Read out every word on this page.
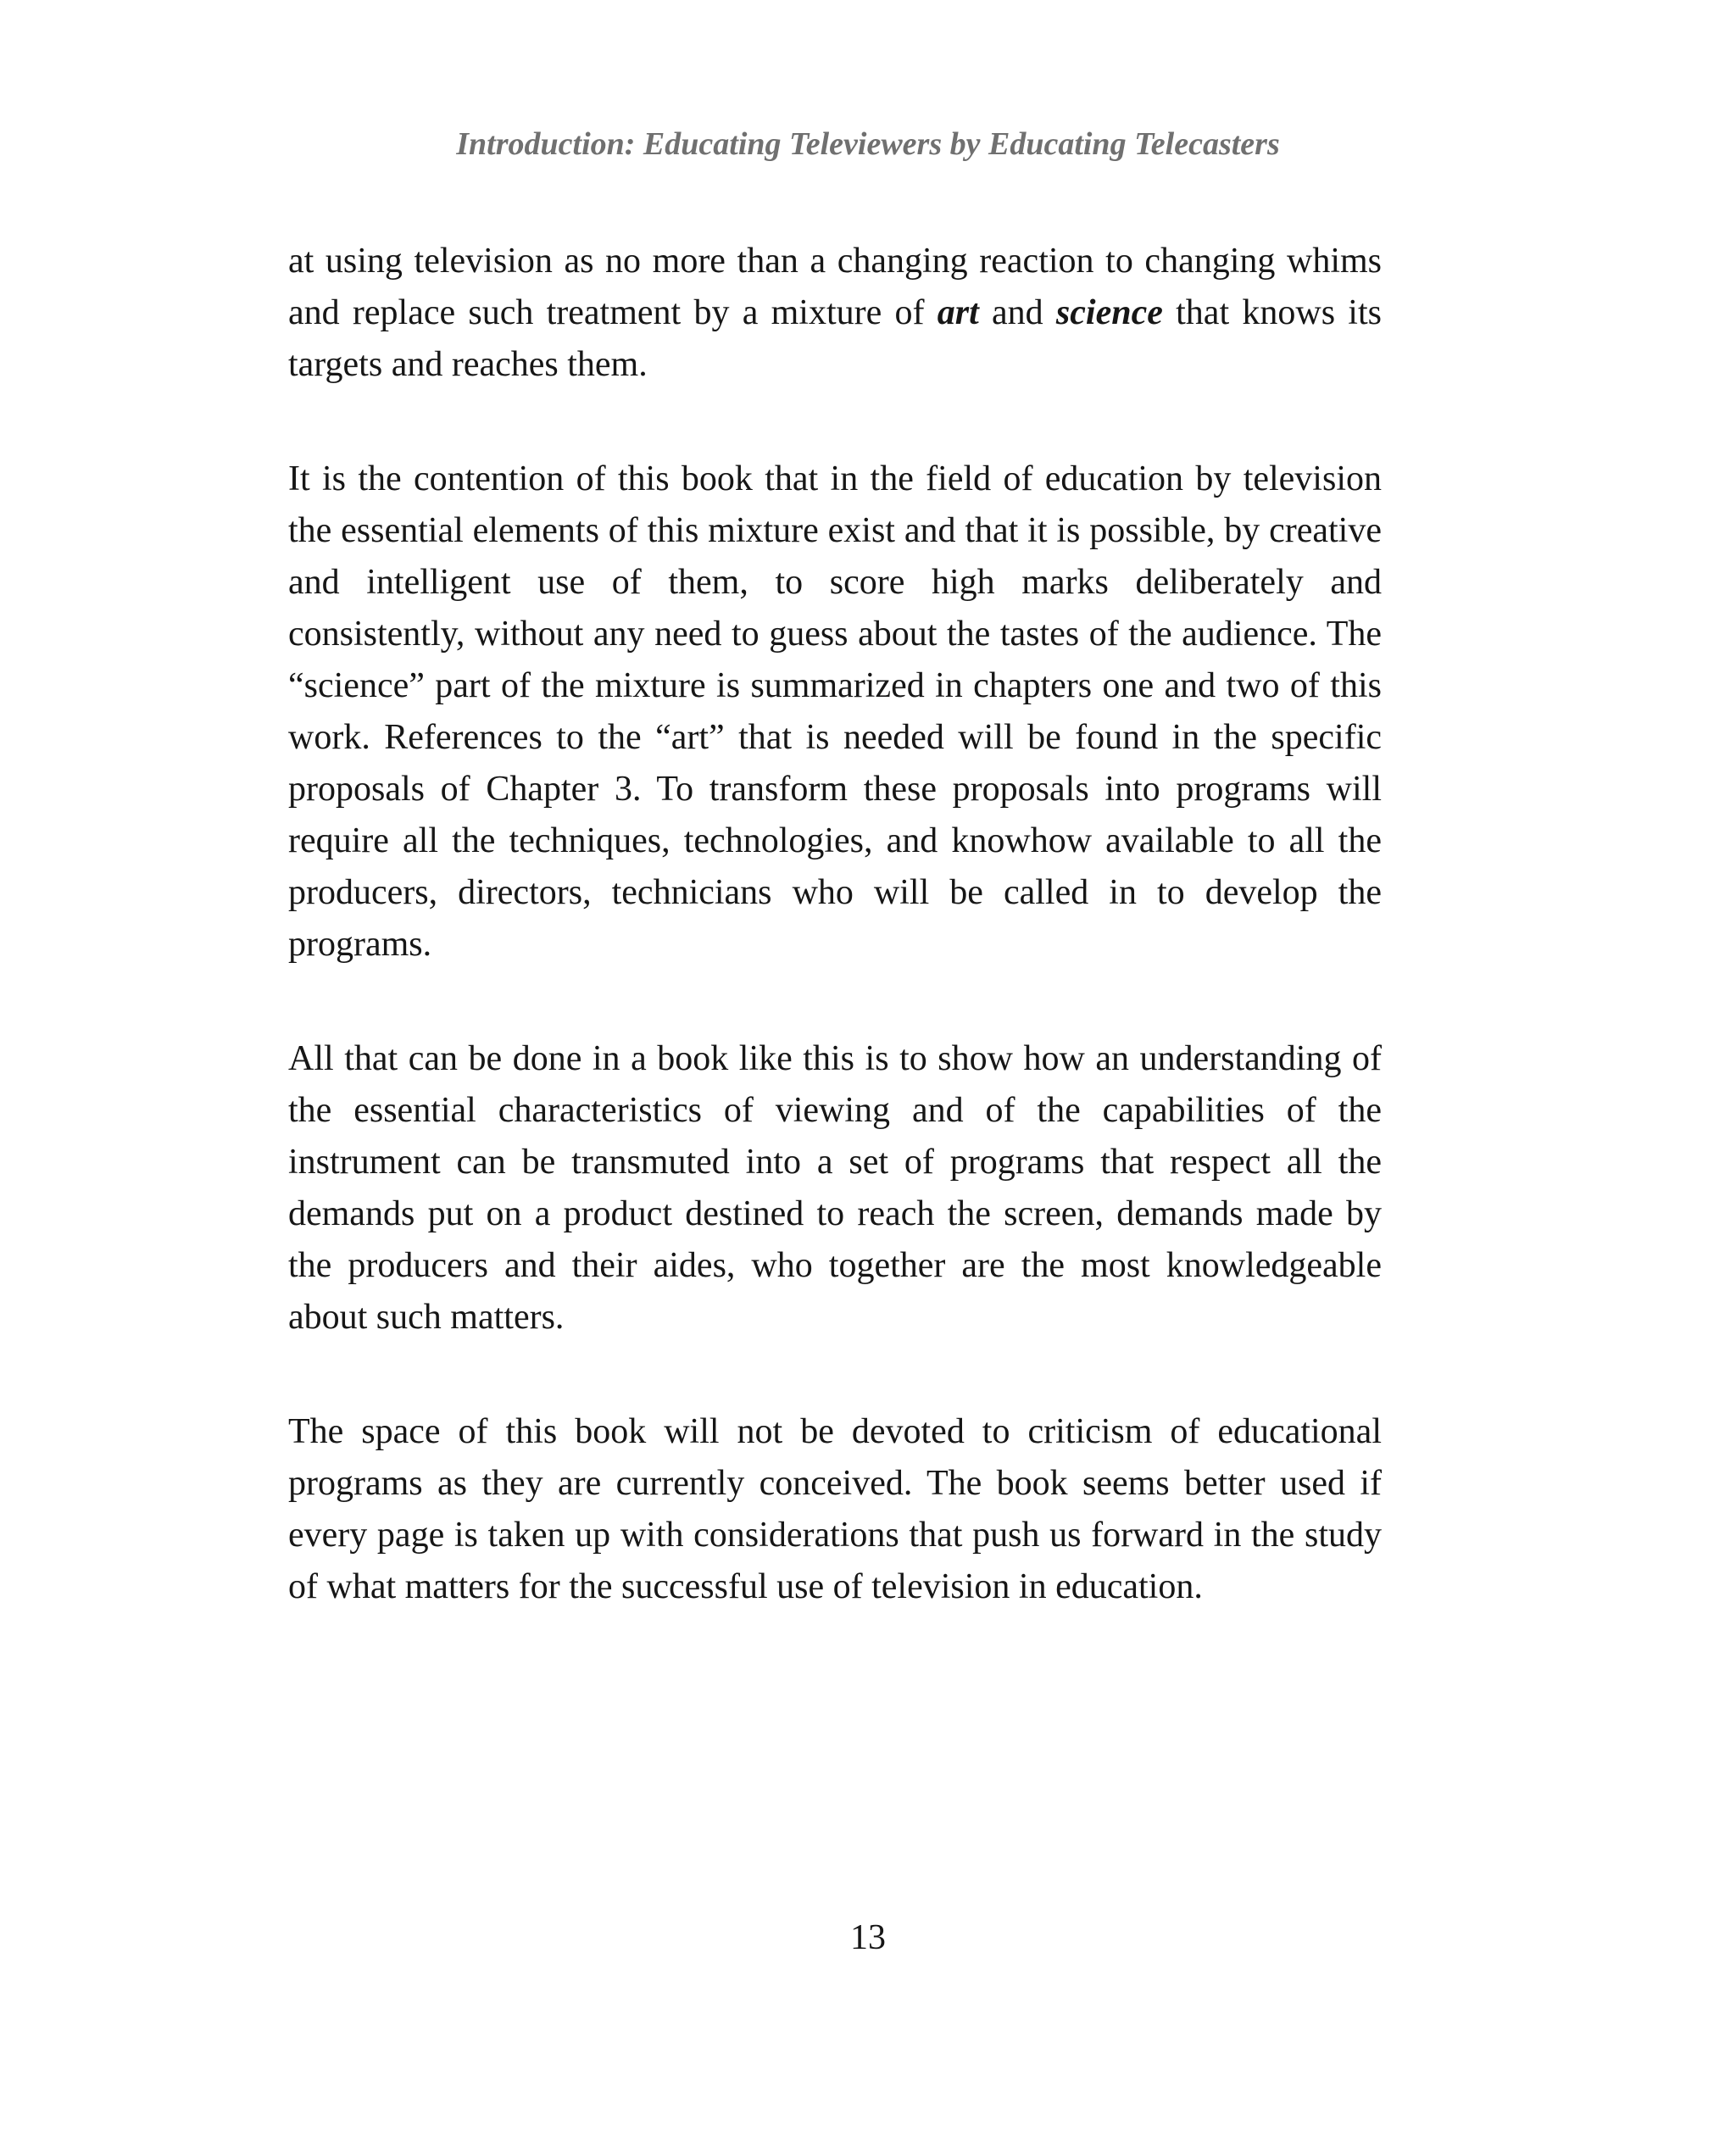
Introduction: Educating Televiewers by Educating Telecasters

at using television as no more than a changing reaction to changing whims and replace such treatment by a mixture of art and science that knows its targets and reaches them.

It is the contention of this book that in the field of education by television the essential elements of this mixture exist and that it is possible, by creative and intelligent use of them, to score high marks deliberately and consistently, without any need to guess about the tastes of the audience. The “science” part of the mixture is summarized in chapters one and two of this work. References to the “art” that is needed will be found in the specific proposals of Chapter 3. To transform these proposals into programs will require all the techniques, technologies, and knowhow available to all the producers, directors, technicians who will be called in to develop the programs.

All that can be done in a book like this is to show how an understanding of the essential characteristics of viewing and of the capabilities of the instrument can be transmuted into a set of programs that respect all the demands put on a product destined to reach the screen, demands made by the producers and their aides, who together are the most knowledgeable about such matters.

The space of this book will not be devoted to criticism of educational programs as they are currently conceived. The book seems better used if every page is taken up with considerations that push us forward in the study of what matters for the successful use of television in education.

13
